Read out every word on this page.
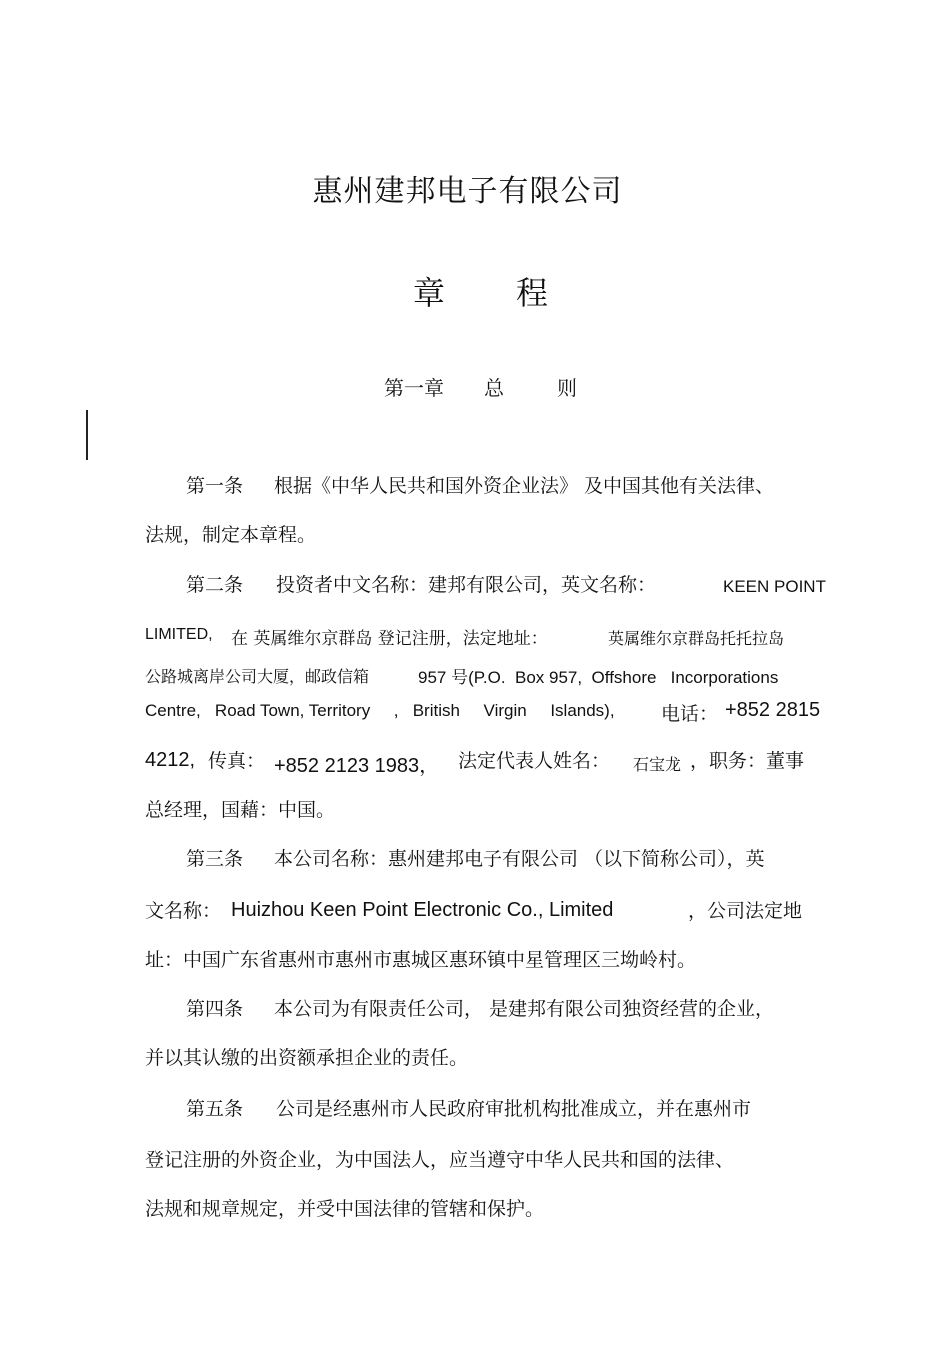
惠州建邦电子有限公司
章 程
第一章 总	则
第一条 根据《中华人民共和国外资企业法》 及中国其他有关法律、
法规，制定本章程。
第二条 投资者中文名称：建邦有限公司，英文名称：	KEEN POINT
LIMITED, 在 英属维尔京群岛 登记注册，法定地址：	英属维尔京群岛托托拉岛
公路城离岸公司大厦，邮政信箱	957 号(P.O.  Box 957,  Offshore   Incorporations
Centre,   Road Town, Territory     ,   British     Virgin     Islands), 电话： +852 2815
4212, 传真： +852 2123 1983， 法定代表人姓名： 石宝龙 ，职务：董事
总经理，国藉：中国。
第三条 本公司名称：惠州建邦电子有限公司 （以下简称公司），英
文名称： Huizhou Keen Point Electronic Co., Limited	，公司法定地
址：中国广东省惠州市惠州市惠城区惠环镇中星管理区三坳岭村。
第四条 本公司为有限责任公司， 是建邦有限公司独资经营的企业，
并以其认缴的出资额承担企业的责任。
第五条 公司是经惠州市人民政府审批机构批准成立，并在惠州市
登记注册的外资企业，为中国法人，应当遵守中华人民共和国的法律、
法规和规章规定，并受中国法律的管辖和保护。
